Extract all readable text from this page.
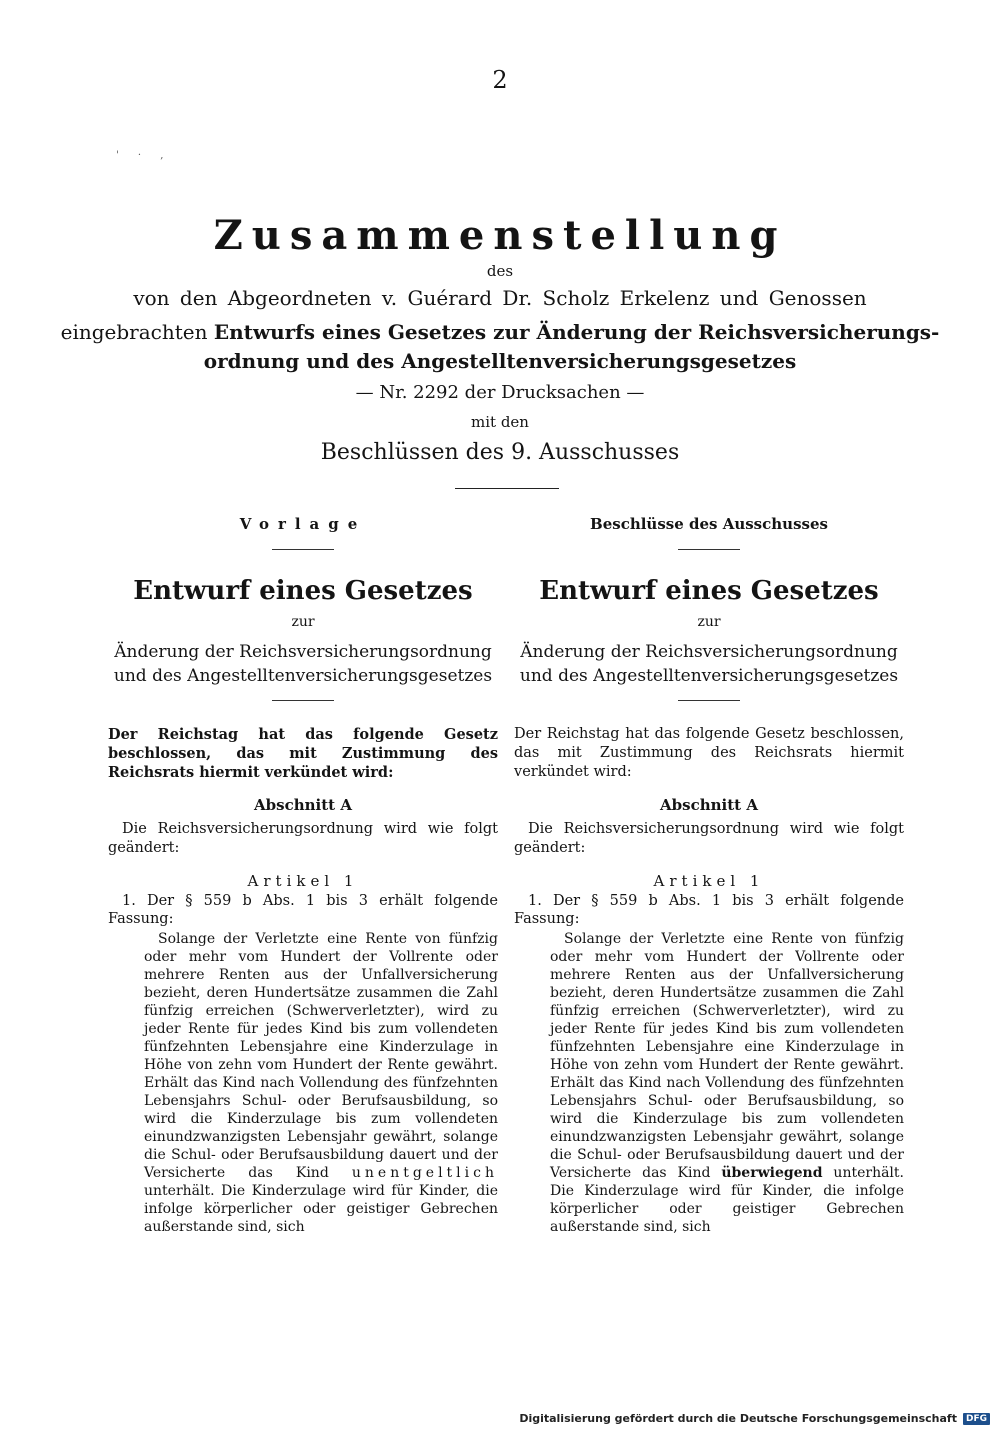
2
' · ,
Zusammenstellung
des
von den Abgeordneten v. Guérard Dr. Scholz Erkelenz und Genossen
eingebrachten Entwurfs eines Gesetzes zur Änderung der Reichsversicherungs-
ordnung und des Angestelltenversicherungsgesetzes
— Nr. 2292 der Drucksachen —
mit den
Beschlüssen des 9. Ausschusses
Vorlage
Entwurf eines Gesetzes
zur
Änderung der Reichsversicherungsordnung
und des Angestelltenversicherungsgesetzes
Der Reichstag hat das folgende Gesetz beschlossen, das mit Zustimmung des Reichsrats hiermit verkündet wird:
Abschnitt A
Die Reichsversicherungsordnung wird wie folgt geändert:
Artikel 1
1. Der § 559 b Abs. 1 bis 3 erhält folgende Fassung:
Solange der Verletzte eine Rente von fünfzig oder mehr vom Hundert der Vollrente oder mehrere Renten aus der Unfallversicherung bezieht, deren Hundertsätze zusammen die Zahl fünfzig erreichen (Schwerverletzter), wird zu jeder Rente für jedes Kind bis zum vollendeten fünfzehnten Lebensjahre eine Kinderzulage in Höhe von zehn vom Hundert der Rente gewährt. Erhält das Kind nach Vollendung des fünfzehnten Lebensjahrs Schul- oder Berufsausbildung, so wird die Kinderzulage bis zum vollendeten einundzwanzigsten Lebensjahr gewährt, solange die Schul- oder Berufsausbildung dauert und der Versicherte das Kind unentgeltlich unterhält. Die Kinderzulage wird für Kinder, die infolge körperlicher oder geistiger Gebrechen außerstande sind, sich
Beschlüsse des Ausschusses
Entwurf eines Gesetzes
zur
Änderung der Reichsversicherungsordnung
und des Angestelltenversicherungsgesetzes
Der Reichstag hat das folgende Gesetz beschlossen, das mit Zustimmung des Reichsrats hiermit verkündet wird:
Abschnitt A
Die Reichsversicherungsordnung wird wie folgt geändert:
Artikel 1
1. Der § 559 b Abs. 1 bis 3 erhält folgende Fassung:
Solange der Verletzte eine Rente von fünfzig oder mehr vom Hundert der Vollrente oder mehrere Renten aus der Unfallversicherung bezieht, deren Hundertsätze zusammen die Zahl fünfzig erreichen (Schwerverletzter), wird zu jeder Rente für jedes Kind bis zum vollendeten fünfzehnten Lebensjahre eine Kinderzulage in Höhe von zehn vom Hundert der Rente gewährt. Erhält das Kind nach Vollendung des fünfzehnten Lebensjahrs Schul- oder Berufsausbildung, so wird die Kinderzulage bis zum vollendeten einundzwanzigsten Lebensjahr gewährt, solange die Schul- oder Berufsausbildung dauert und der Versicherte das Kind überwiegend unterhält. Die Kinderzulage wird für Kinder, die infolge körperlicher oder geistiger Gebrechen außerstande sind, sich
Digitalisierung gefördert durch die Deutsche Forschungsgemeinschaft	DFG
